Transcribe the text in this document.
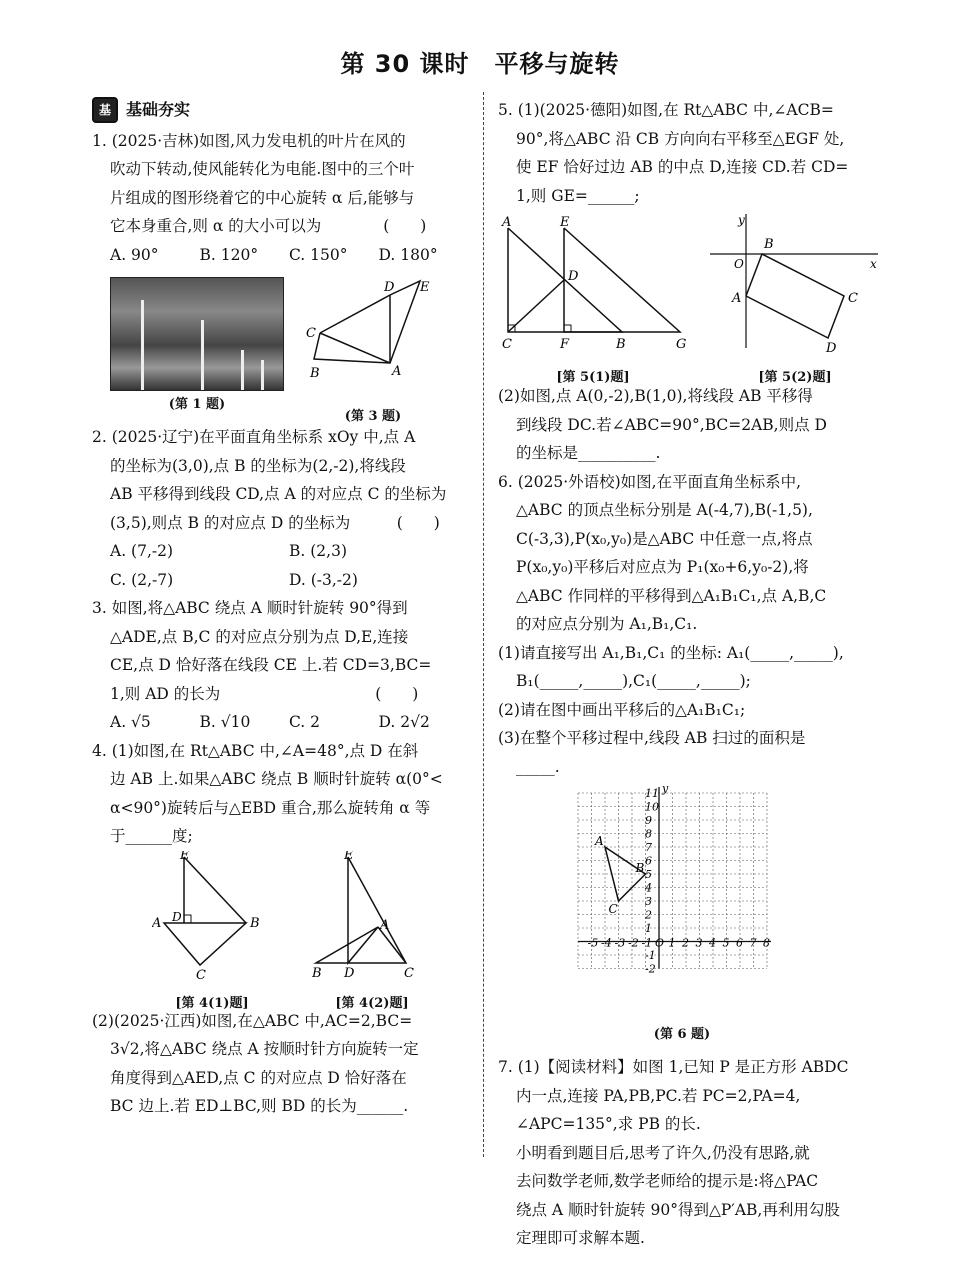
第 30 课时　平移与旋转
基 基础夯实

1. (2025·吉林)如图,风力发电机的叶片在风的

吹动下转动,使风能转化为电能.图中的三个叶

片组成的图形绕着它的中心旋转 α 后,能够与

它本身重合,则 α 的大小可以为　　　　(　　)

A. 90°	B. 120°	C. 150°	D. 180°
(第 1 题)
C
D E
B	A
(第 3 题)

2. (2025·辽宁)在平面直角坐标系 xOy 中,点 A

的坐标为(3,0),点 B 的坐标为(2,-2),将线段

AB 平移得到线段 CD,点 A 的对应点 C 的坐标为

(3,5),则点 B 的对应点 D 的坐标为　　　(　　)

A. (7,-2)	B. (2,3)
C. (2,-7)	D. (-3,-2)

3. 如图,将△ABC 绕点 A 顺时针旋转 90°得到

△ADE,点 B,C 的对应点分别为点 D,E,连接

CE,点 D 恰好落在线段 CE 上.若 CD=3,BC=

1,则 AD 的长为　　　　　　　　　　(　　)

A. √5	B. √10	C. 2	D. 2√2

4. (1)如图,在 Rt△ABC 中,∠A=48°,点 D 在斜

边 AB 上.如果△ABC 绕点 B 顺时针旋转 α(0°<

α<90°)旋转后与△EBD 重合,那么旋转角 α 等

于______度;

E
D
A	B
C
[第 4(1)题]
E
A
B D	C
[第 4(2)题]

(2)(2025·江西)如图,在△ABC 中,AC=2,BC=

3√2,将△ABC 绕点 A 按顺时针方向旋转一定

角度得到△AED,点 C 的对应点 D 恰好落在

BC 边上.若 ED⊥BC,则 BD 的长为______.

5. (1)(2025·德阳)如图,在 Rt△ABC 中,∠ACB=

90°,将△ABC 沿 CB 方向向右平移至△EGF 处,

使 EF 恰好过边 AB 的中点 D,连接 CD.若 CD=

1,则 GE=______;

A	E
D
C	F	B	G
[第 5(1)题]
y
x
O
B
A	C
D
[第 5(2)题]

(2)如图,点 A(0,-2),B(1,0),将线段 AB 平移得

到线段 DC.若∠ABC=90°,BC=2AB,则点 D

的坐标是__________.

6. (2025·外语校)如图,在平面直角坐标系中,

△ABC 的顶点坐标分别是 A(-4,7),B(-1,5),

C(-3,3),P(x₀,y₀)是△ABC 中任意一点,将点

P(x₀,y₀)平移后对应点为 P₁(x₀+6,y₀-2),将

△ABC 作同样的平移得到△A₁B₁C₁,点 A,B,C

的对应点分别为 A₁,B₁,C₁.

(1)请直接写出 A₁,B₁,C₁ 的坐标: A₁(_____,_____),

B₁(_____,_____),C₁(_____,_____);

(2)请在图中画出平移后的△A₁B₁C₁;

(3)在整个平移过程中,线段 AB 扫过的面积是

_____.

y
-5 -4 -3 -2 -1 O 1 2 3 4 5 6 7 8
11
10
9
8
7
6
5
4
3
2
1
-1
-2
A
B
C
(第 6 题)

7. (1)【阅读材料】如图 1,已知 P 是正方形 ABDC

内一点,连接 PA,PB,PC.若 PC=2,PA=4,

∠APC=135°,求 PB 的长.

小明看到题目后,思考了许久,仍没有思路,就

去问数学老师,数学老师给的提示是:将△PAC

绕点 A 顺时针旋转 90°得到△P′AB,再利用勾股

定理即可求解本题.
